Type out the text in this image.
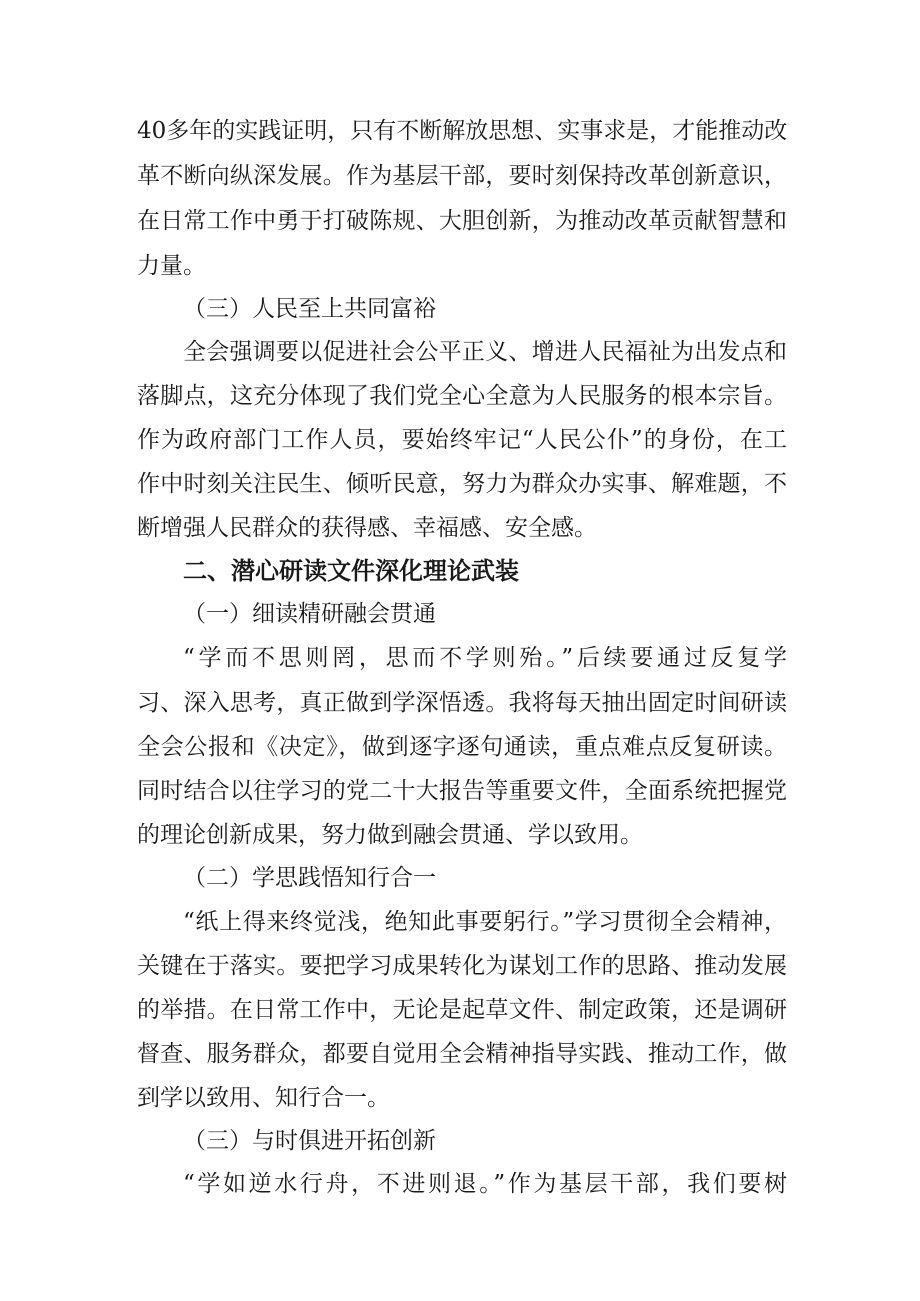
40多年的实践证明，只有不断解放思想、实事求是，才能推动改
革不断向纵深发展。作为基层干部，要时刻保持改革创新意识，
在日常工作中勇于打破陈规、大胆创新，为推动改革贡献智慧和
力量。
（三）人民至上共同富裕
全会强调要以促进社会公平正义、增进人民福祉为出发点和
落脚点，这充分体现了我们党全心全意为人民服务的根本宗旨。
作为政府部门工作人员，要始终牢记“人民公仆”的身份，在工
作中时刻关注民生、倾听民意，努力为群众办实事、解难题，不
断增强人民群众的获得感、幸福感、安全感。
二、潜心研读文件深化理论武装
（一）细读精研融会贯通
“学而不思则罔，思而不学则殆。”后续要通过反复学
习、深入思考，真正做到学深悟透。我将每天抽出固定时间研读
全会公报和《决定》，做到逐字逐句通读，重点难点反复研读。
同时结合以往学习的党二十大报告等重要文件，全面系统把握党
的理论创新成果，努力做到融会贯通、学以致用。
（二）学思践悟知行合一
“纸上得来终觉浅，绝知此事要躬行。”学习贯彻全会精神，
关键在于落实。要把学习成果转化为谋划工作的思路、推动发展
的举措。在日常工作中，无论是起草文件、制定政策，还是调研
督查、服务群众，都要自觉用全会精神指导实践、推动工作，做
到学以致用、知行合一。
（三）与时俱进开拓创新
“学如逆水行舟，不进则退。”作为基层干部，我们要树
